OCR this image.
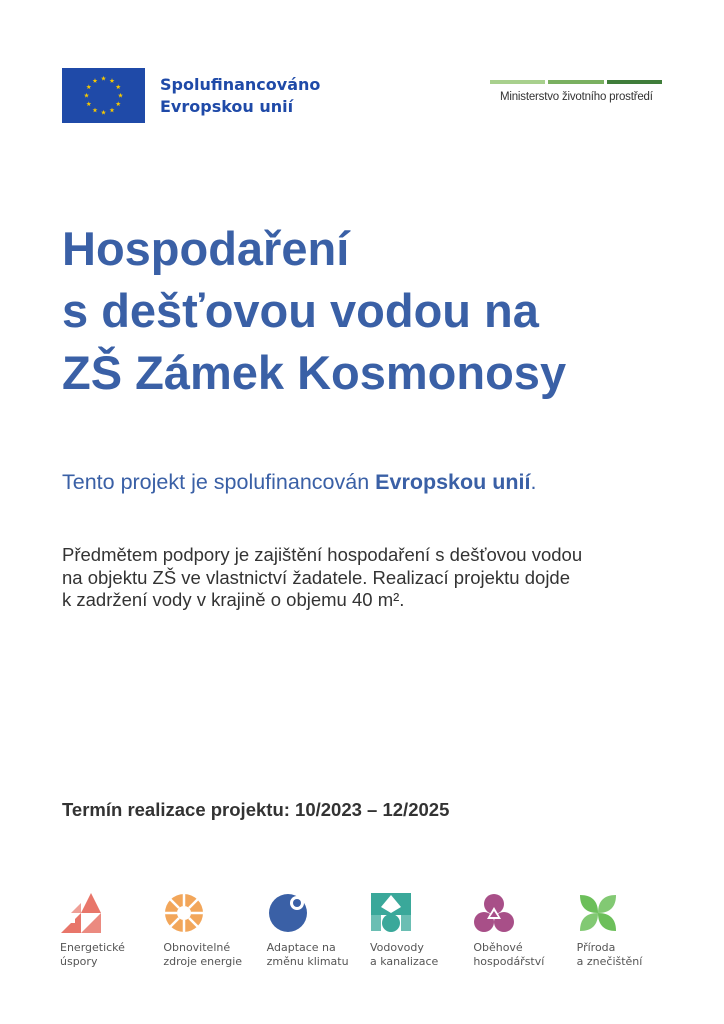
Spolufinancováno
Evropskou unií	Ministerstvo životního prostředí
Hospodaření
s dešťovou vodou na
ZŠ Zámek Kosmonosy
Tento projekt je spolufinancován Evropskou unií.
Předmětem podpory je zajištění hospodaření s dešťovou vodou
na objektu ZŠ ve vlastnictví žadatele. Realizací projektu dojde
k zadržení vody v krajině o objemu 40 m².
Termín realizace projektu: 10/2023 – 12/2025
Energetické
úspory
Obnovitelné
zdroje energie
Adaptace na
změnu klimatu
Vodovody
a kanalizace
Oběhové
hospodářství
Příroda
a znečištění
